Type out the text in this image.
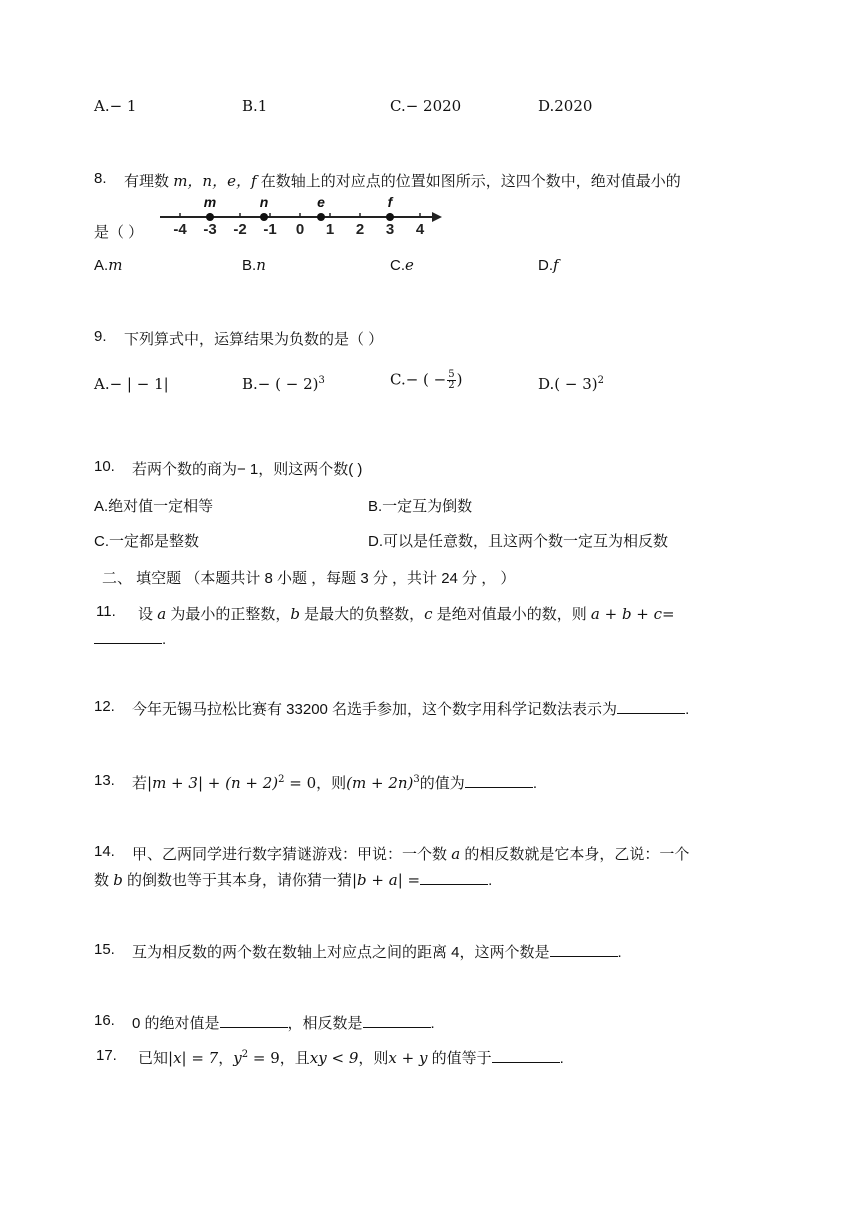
A.− 1	B.1	C.− 2020	D.2020
8. 有理数 m，n，e，f 在数轴上的对应点的位置如图所示，这四个数中，绝对值最小的
是（ ） -4 -3 -2 -1 0 1 2 3 4
m	n	e	f
A.m	B.n	C.e	D.f
9. 下列算式中，运算结果为负数的是（ ）
A.− | − 1|	B.− ( − 2)$^3$	C.− ( − $\frac{5}{2}$ )	$D.( - 3)^2$
10. 若两个数的商为− 1，则这两个数( )
A.绝对值一定相等	B.一定互为倒数
C.一定都是整数	D.可以是任意数，且这两个数一定互为相反数
二、 填空题 （本题共计 8 小题 ，每题 3 分 ，共计 24 分 ， ）
11. 设 a 为最小的正整数，b 是最大的负整数，c 是绝对值最小的数，则 a + b + c=
.
12. 今年无锡马拉松比赛有 33200 名选手参加，这个数字用科学记数法表示为	.
13. 若$|m + 3| + (n + 2)^2 = 0$，则$(m + 2n)^3$的值为	.
14. 甲、乙两同学进行数字猜谜游戏：甲说：一个数 a 的相反数就是它本身，乙说：一个
数 b 的倒数也等于其本身，请你猜一猜|b + a| =	.
15. 互为相反数的两个数在数轴上对应点之间的距离 4，这两个数是	.
16. 0 的绝对值是	，相反数是	.
17. 已知|x| = 7，$y^2 = 9$，且xy < 9，则x + y 的值等于	.
